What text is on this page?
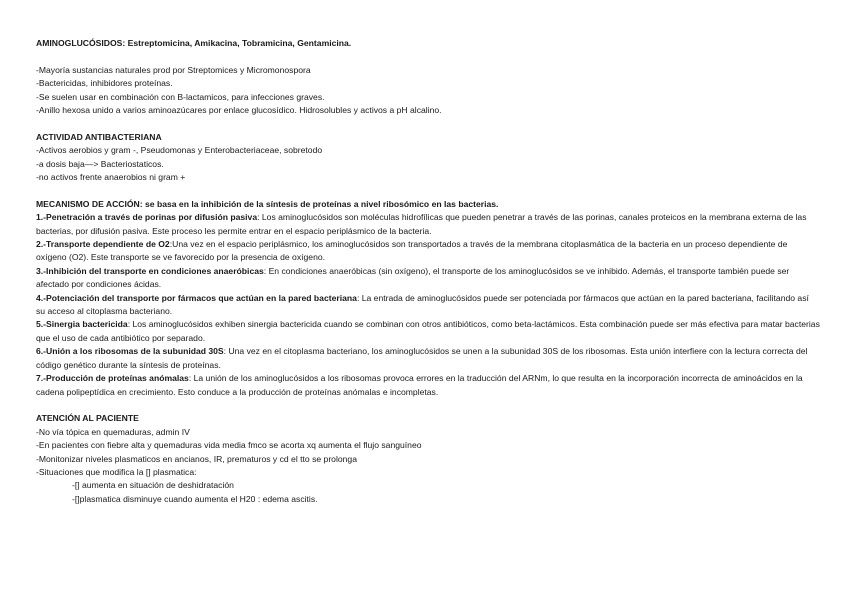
AMINOGLUCÓSIDOS: Estreptomicina, Amikacina, Tobramicina, Gentamicina.

-Mayoría sustancias naturales prod por Streptomices y Micromonospora

-Bactericidas, inhibidores proteínas.

-Se suelen usar en combinación con B-lactamicos, para infecciones graves.

-Anillo hexosa unido a varios aminoazúcares por enlace glucosídico. Hidrosolubles y activos a pH alcalino.

ACTIVIDAD ANTIBACTERIANA

-Activos aerobios y gram -, Pseudomonas y Enterobacteriaceae, sobretodo

-a dosis baja—> Bacteriostaticos.

-no activos frente anaerobios ni gram +

MECANISMO DE ACCIÓN: se basa en la inhibición de la síntesis de proteínas a nivel ribosómico en las bacterias.

1.-Penetración a través de porinas por difusión pasiva: Los aminoglucósidos son moléculas hidrofílicas que pueden penetrar a través de las porinas, canales proteicos en la membrana externa de las bacterias, por difusión pasiva. Este proceso les permite entrar en el espacio periplásmico de la bacteria.

2.-Transporte dependiente de O2:Una vez en el espacio periplásmico, los aminoglucósidos son transportados a través de la membrana citoplasmática de la bacteria en un proceso dependiente de oxígeno (O2). Este transporte se ve favorecido por la presencia de oxígeno.

3.-Inhibición del transporte en condiciones anaeróbicas: En condiciones anaeróbicas (sin oxígeno), el transporte de los aminoglucósidos se ve inhibido. Además, el transporte también puede ser afectado por condiciones ácidas.

4.-Potenciación del transporte por fármacos que actúan en la pared bacteriana: La entrada de aminoglucósidos puede ser potenciada por fármacos que actúan en la pared bacteriana, facilitando así su acceso al citoplasma bacteriano.

5.-Sinergia bactericida: Los aminoglucósidos exhiben sinergia bactericida cuando se combinan con otros antibióticos, como beta-lactámicos. Esta combinación puede ser más efectiva para matar bacterias que el uso de cada antibiótico por separado.

6.-Unión a los ribosomas de la subunidad 30S: Una vez en el citoplasma bacteriano, los aminoglucósidos se unen a la subunidad 30S de los ribosomas. Esta unión interfiere con la lectura correcta del código genético durante la síntesis de proteínas.

7.-Producción de proteínas anómalas: La unión de los aminoglucósidos a los ribosomas provoca errores en la traducción del ARNm, lo que resulta en la incorporación incorrecta de aminoácidos en la cadena polipeptídica en crecimiento. Esto conduce a la producción de proteínas anómalas e incompletas.

ATENCIÓN AL PACIENTE

-No vía tópica en quemaduras, admin IV

-En pacientes con fiebre alta y quemaduras vida media fmco se acorta xq aumenta el flujo sanguíneo

-Monitonizar niveles plasmaticos en ancianos, IR, prematuros y cd el tto se prolonga

-Situaciones que modifica la [] plasmatica:

-[] aumenta en situación de deshidratación

-[]plasmatica disminuye cuando aumenta el H20 : edema ascitis.
